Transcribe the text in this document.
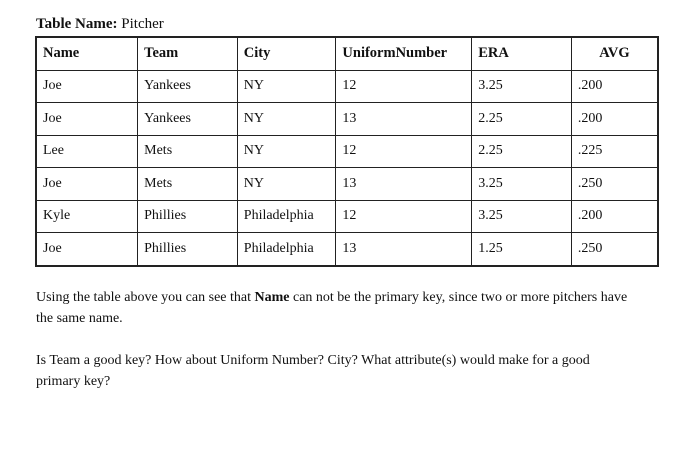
Table Name: Pitcher
Name	Team	City	UniformNumber	ERA	AVG
Joe	Yankees	NY	12	3.25	.200
Joe	Yankees	NY	13	2.25	.200
Lee	Mets	NY	12	2.25	.225
Joe	Mets	NY	13	3.25	.250
Kyle	Phillies	Philadelphia	12	3.25	.200
Joe	Phillies	Philadelphia	13	1.25	.250

Using the table above you can see that Name can not be the primary key, since two or more pitchers have the same name.

Is Team a good key? How about Uniform Number? City? What attribute(s) would make for a good primary key?
